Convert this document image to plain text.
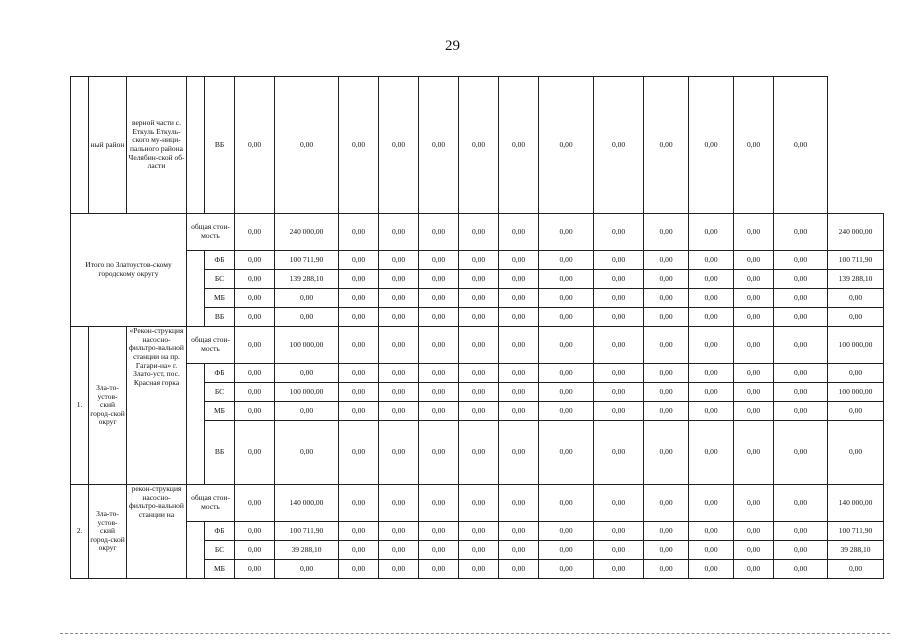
29
	ный район	верной части с. Еткуль Еткуль-ского му-ници-пального района Челябин-ской об-ласти		ВБ	0,00	0,00	0,00	0,00	0,00	0,00	0,00	0,00	0,00	0,00	0,00	0,00	0,00	
Итого по Златоустов-скому городскому округу			общая стои-мость		0,00	240 000,00	0,00	0,00	0,00	0,00	0,00	0,00	0,00	0,00	0,00	0,00	0,00	240 000,00
	ФБ	0,00	100 711,90	0,00	0,00	0,00	0,00	0,00	0,00	0,00	0,00	0,00	0,00	0,00	100 711,90
				БС	0,00	139 288,10	0,00	0,00	0,00	0,00	0,00	0,00	0,00	0,00	0,00	0,00	0,00	139 288,10
				МБ	0,00	0,00	0,00	0,00	0,00	0,00	0,00	0,00	0,00	0,00	0,00	0,00	0,00	0,00
				ВБ	0,00	0,00	0,00	0,00	0,00	0,00	0,00	0,00	0,00	0,00	0,00	0,00	0,00	0,00
1.	Зла-то-устов-ский город-ской округ	«Рекон-струкция насосно-фильтро-вальной станции на пр. Гагари-на» г. Злато-уст, пос. Красная горка	общая стои-мость		0,00	100 000,00	0,00	0,00	0,00	0,00	0,00	0,00	0,00	0,00	0,00	0,00	0,00	100 000,00
	ФБ	0,00	0,00	0,00	0,00	0,00	0,00	0,00	0,00	0,00	0,00	0,00	0,00	0,00	0,00
				БС	0,00	100 000,00	0,00	0,00	0,00	0,00	0,00	0,00	0,00	0,00	0,00	0,00	0,00	100 000,00
				МБ	0,00	0,00	0,00	0,00	0,00	0,00	0,00	0,00	0,00	0,00	0,00	0,00	0,00	0,00
				ВБ	0,00	0,00	0,00	0,00	0,00	0,00	0,00	0,00	0,00	0,00	0,00	0,00	0,00	0,00
2.	Зла-то-устов-ский город-ской округ	рекон-струкция насосно-фильтро-вальной станции на	общая стои-мость		0,00	140 000,00	0,00	0,00	0,00	0,00	0,00	0,00	0,00	0,00	0,00	0,00	0,00	140 000,00
	ФБ	0,00	100 711,90	0,00	0,00	0,00	0,00	0,00	0,00	0,00	0,00	0,00	0,00	0,00	100 711,90
				БС	0,00	39 288,10	0,00	0,00	0,00	0,00	0,00	0,00	0,00	0,00	0,00	0,00	0,00	39 288,10
				МБ	0,00	0,00	0,00	0,00	0,00	0,00	0,00	0,00	0,00	0,00	0,00	0,00	0,00	0,00
